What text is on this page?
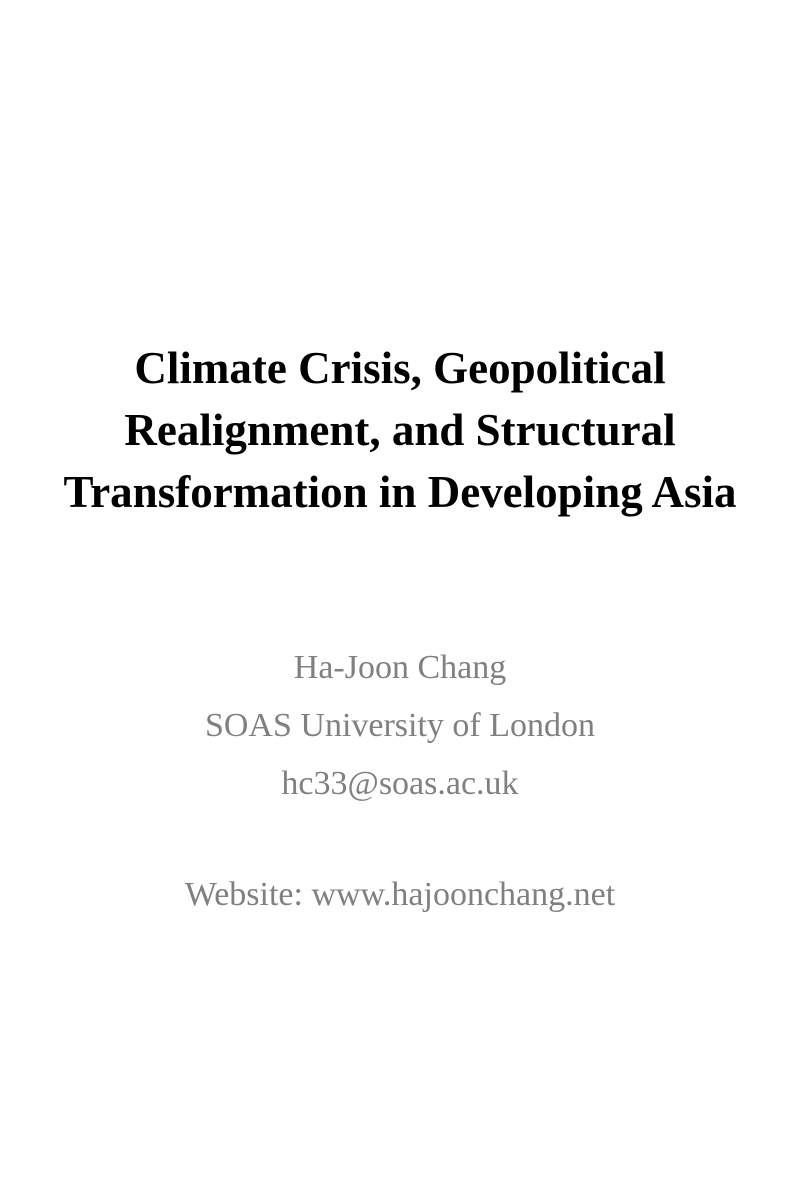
Climate Crisis, Geopolitical
Realignment, and Structural
Transformation in Developing Asia
Ha-Joon Chang
SOAS University of London
hc33@soas.ac.uk
Website: www.hajoonchang.net
